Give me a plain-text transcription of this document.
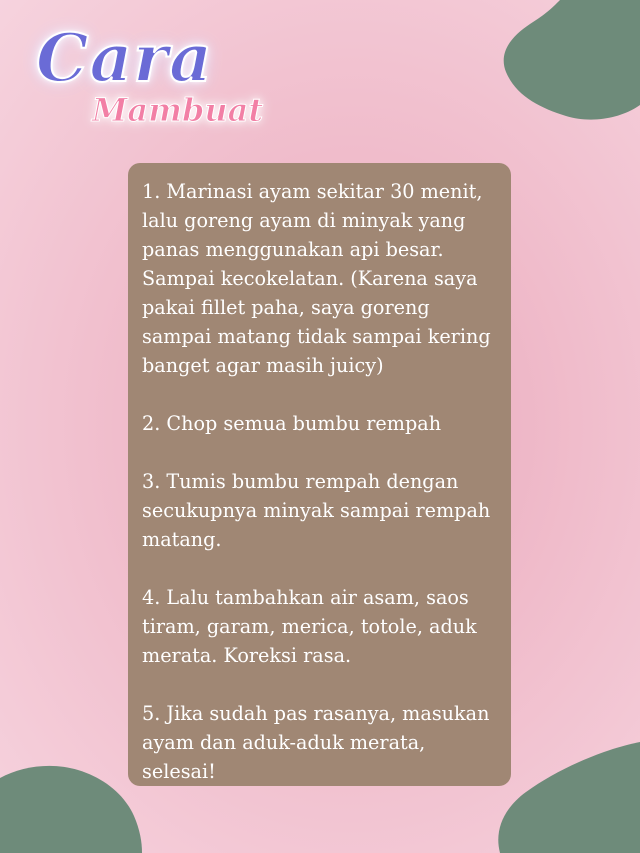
Cara
Mambuat

1. Marinasi ayam sekitar 30 menit,
lalu goreng ayam di minyak yang
panas menggunakan api besar.
Sampai kecokelatan. (Karena saya
pakai fillet paha, saya goreng
sampai matang tidak sampai kering
banget agar masih juicy)

2. Chop semua bumbu rempah

3. Tumis bumbu rempah dengan
secukupnya minyak sampai rempah
matang.

4. Lalu tambahkan air asam, saos
tiram, garam, merica, totole, aduk
merata. Koreksi rasa.

5. Jika sudah pas rasanya, masukan
ayam dan aduk-aduk merata,
selesai!
